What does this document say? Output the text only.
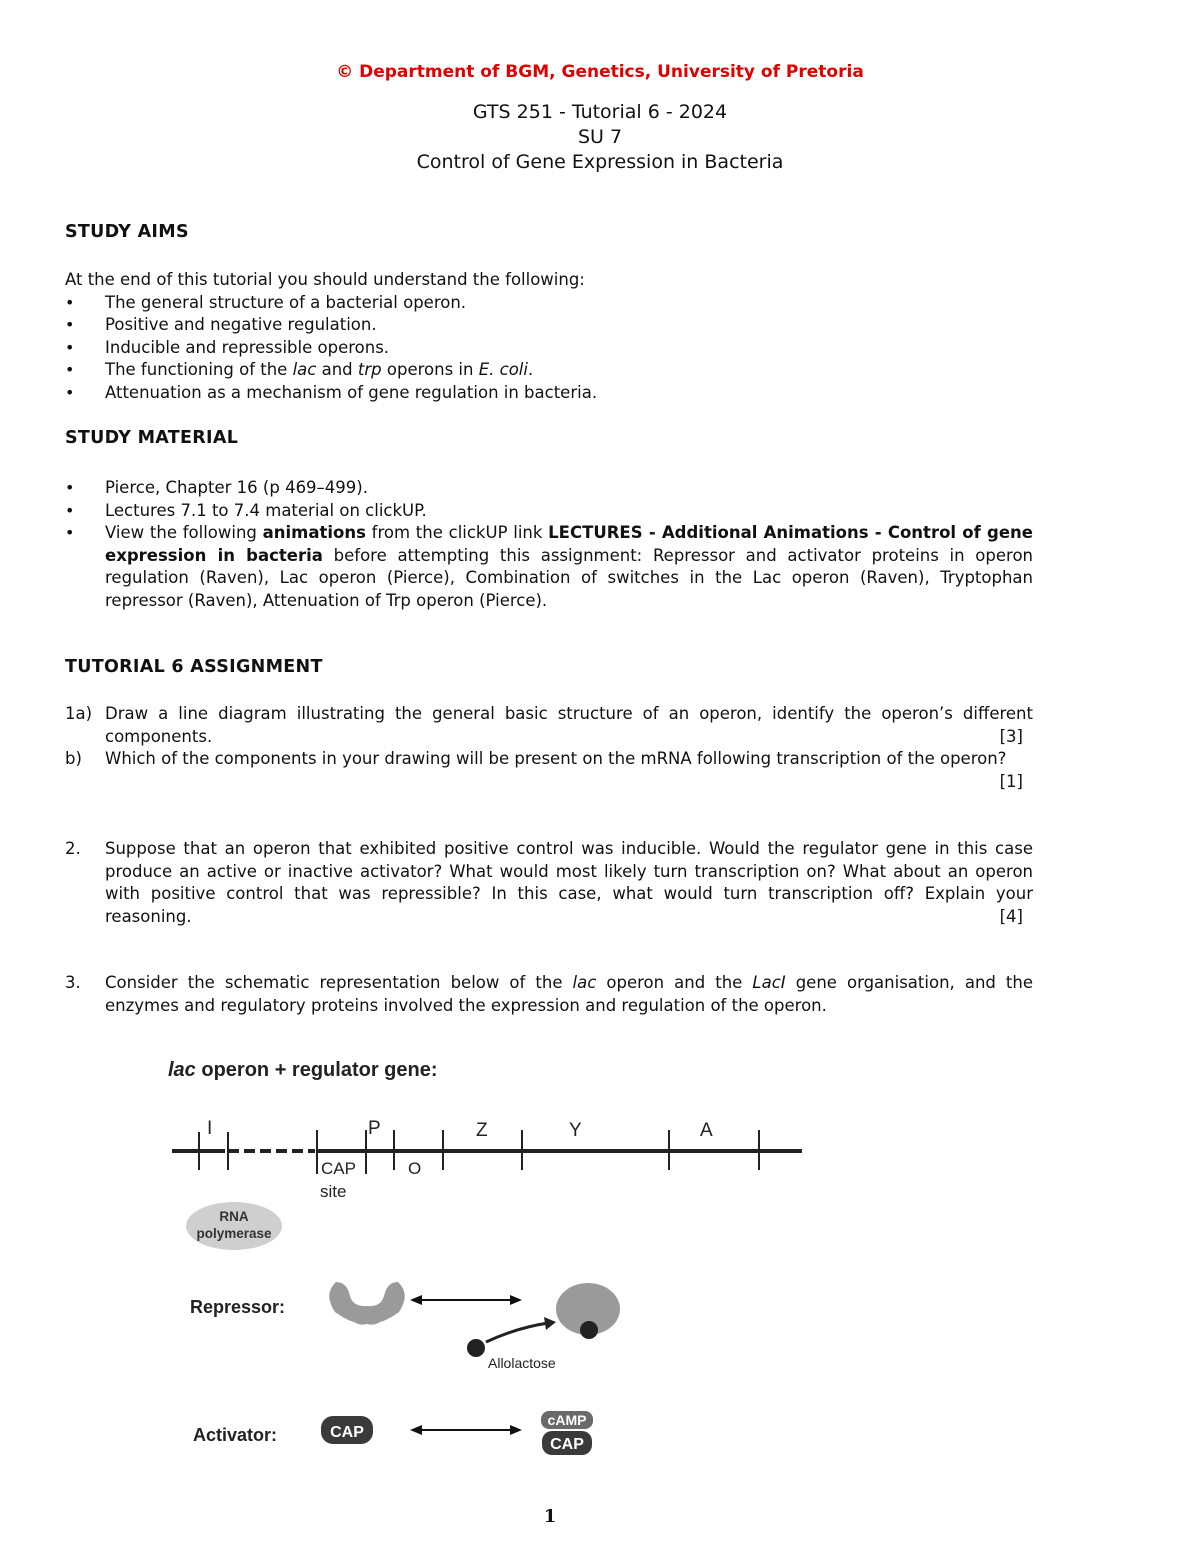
© Department of BGM, Genetics, University of Pretoria
GTS 251 - Tutorial 6 - 2024
SU 7
Control of Gene Expression in Bacteria
STUDY AIMS

At the end of this tutorial you should understand the following:

• The general structure of a bacterial operon.
• Positive and negative regulation.
• Inducible and repressible operons.
• The functioning of the lac and trp operons in E. coli.
• Attenuation as a mechanism of gene regulation in bacteria.
STUDY MATERIAL
• Pierce, Chapter 16 (p 469–499).
• Lectures 7.1 to 7.4 material on clickUP.
• View the following animations from the clickUP link LECTURES - Additional Animations - Control of gene expression in bacteria before attempting this assignment: Repressor and activator proteins in operon regulation (Raven), Lac operon (Pierce), Combination of switches in the Lac operon (Raven), Tryptophan repressor (Raven), Attenuation of Trp operon (Pierce).
TUTORIAL 6 ASSIGNMENT
1a) Draw a line diagram illustrating the general basic structure of an operon, identify the operon’s different components.	[3]
b) Which of the components in your drawing will be present on the mRNA following transcription of the operon?
[1]
2. Suppose that an operon that exhibited positive control was inducible. Would the regulator gene in this case produce an active or inactive activator? What would most likely turn transcription on? What about an operon with positive control that was repressible? In this case, what would turn transcription off? Explain your reasoning.	[4]
3. Consider the schematic representation below of the lac operon and the LacI gene organisation, and the enzymes and regulatory proteins involved the expression and regulation of the operon.
lac operon + regulator gene:
I	P	Z	Y	A
CAP
site
O
RNA
polymerase
Repressor:
Allolactose
Activator:	CAP
cAMP
CAP
1
